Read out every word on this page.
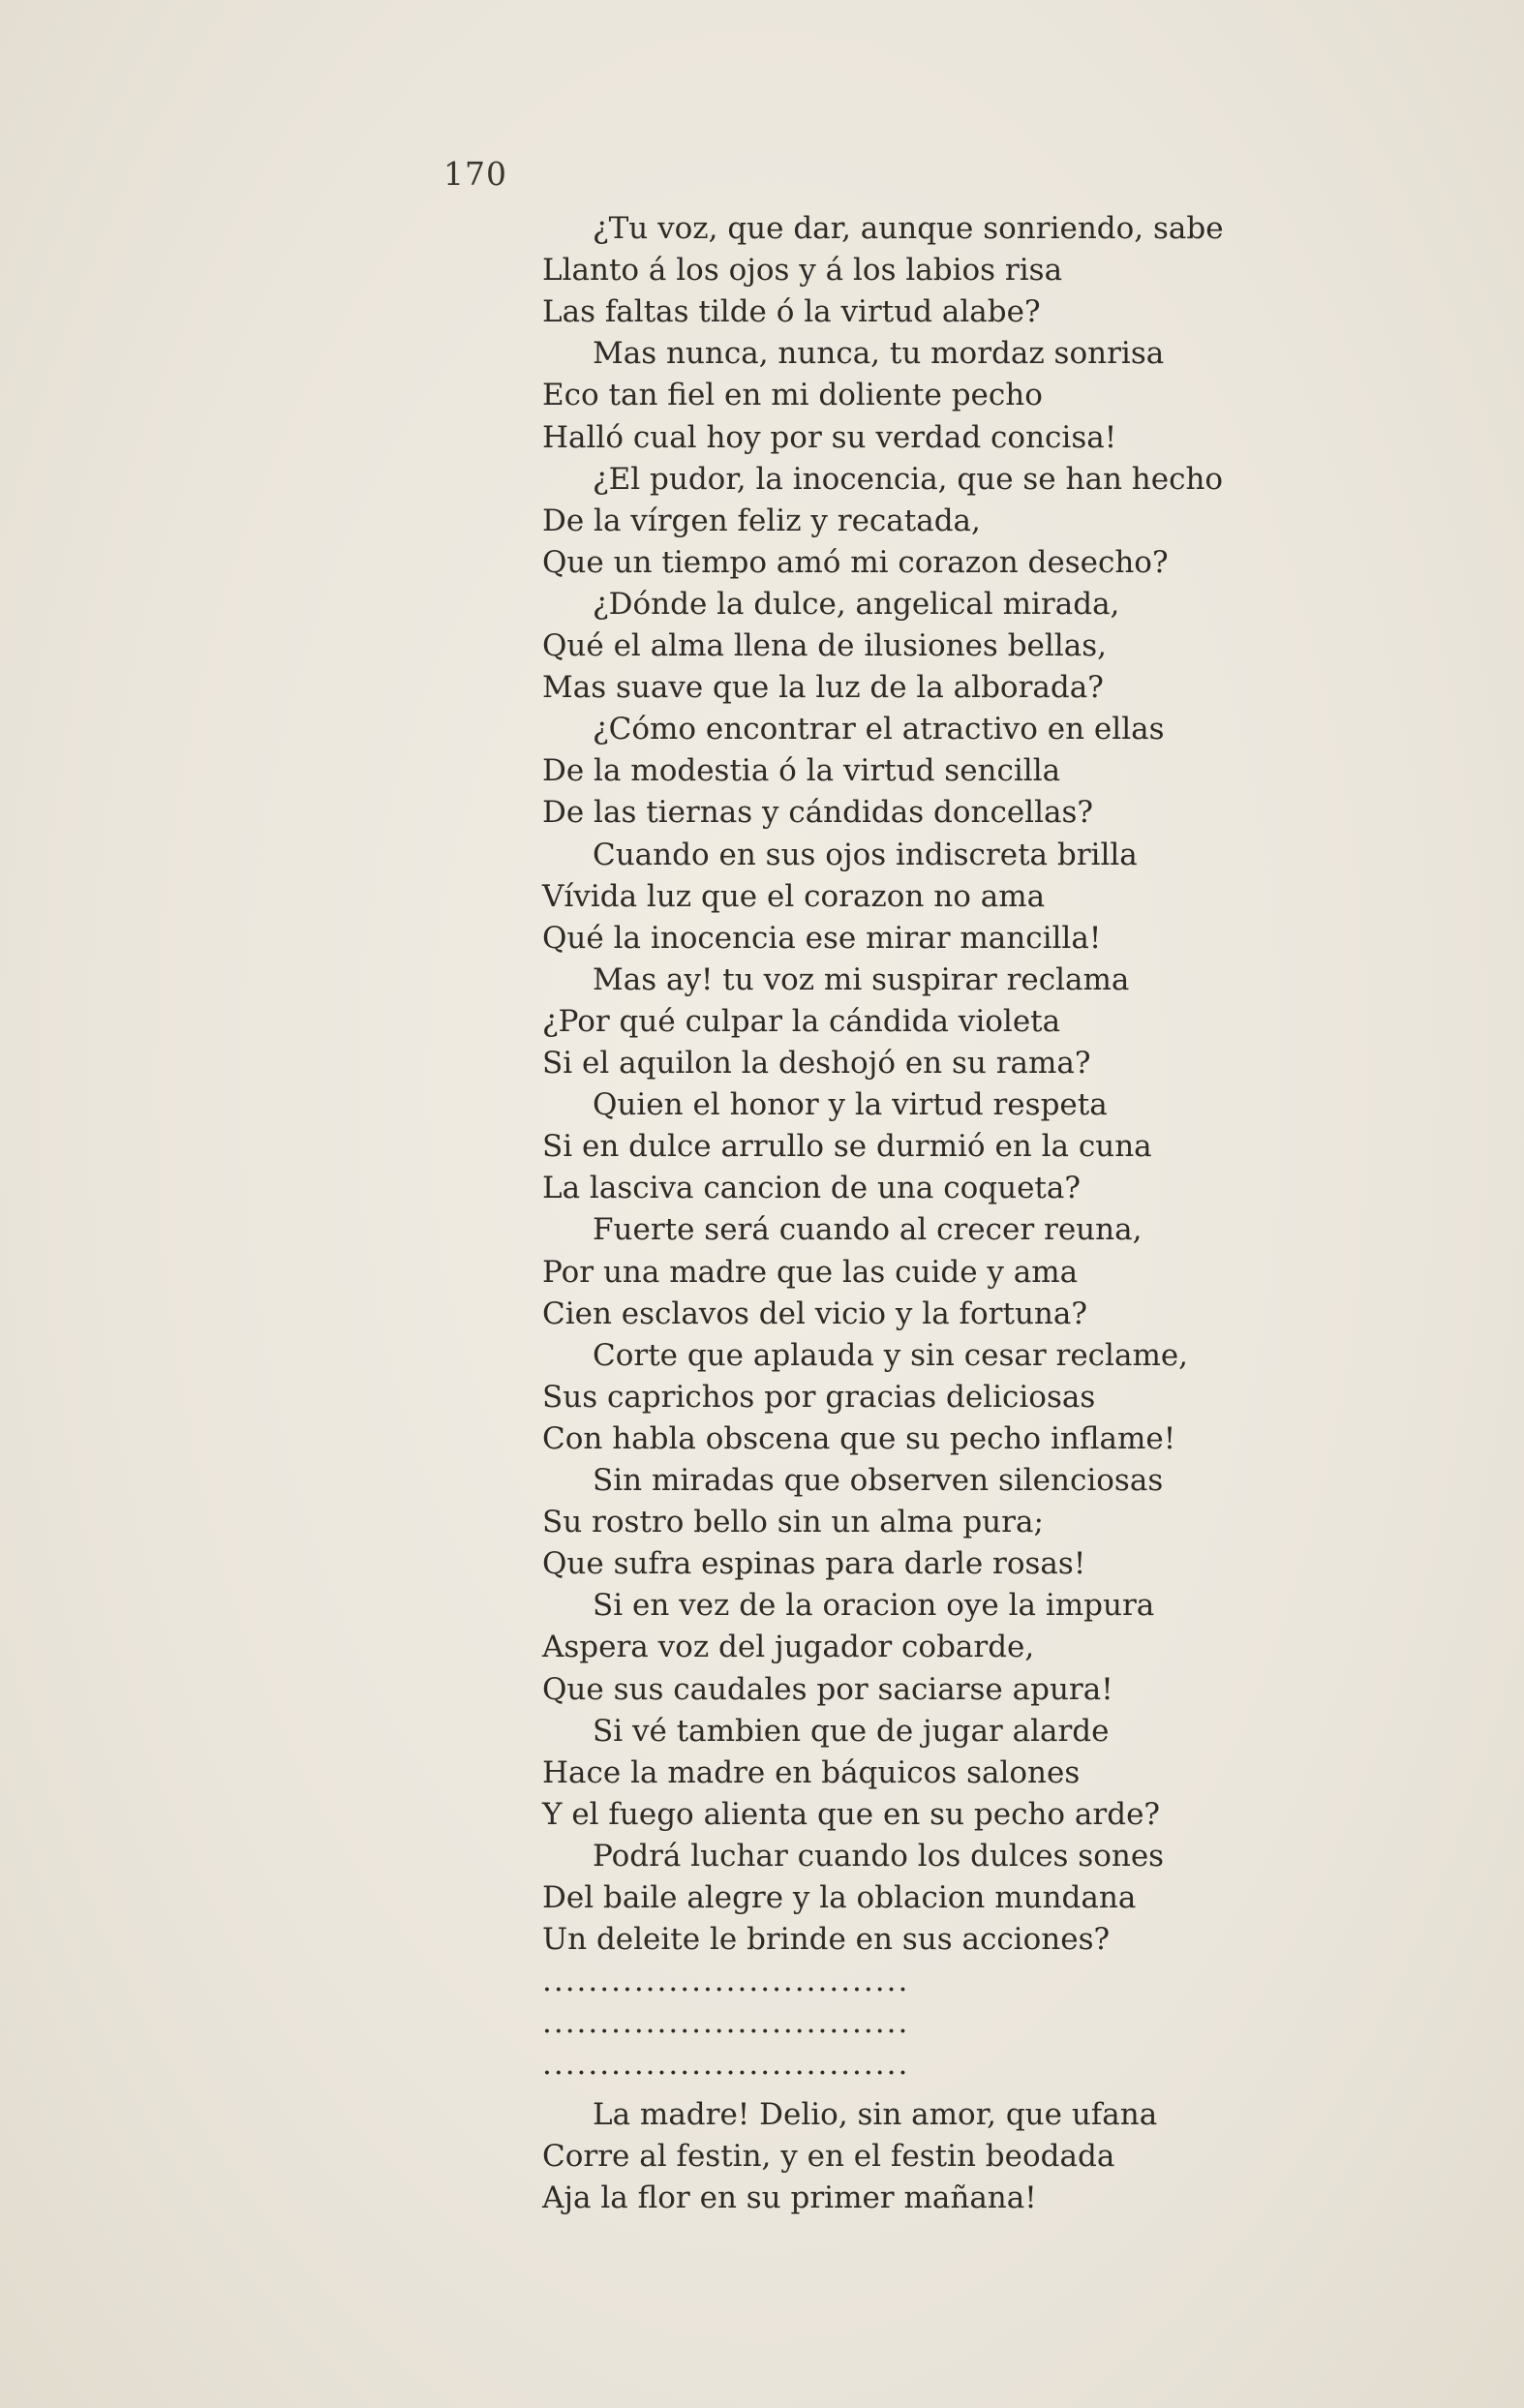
170
¿Tu voz, que dar, aunque sonriendo, sabe
Llanto á los ojos y á los labios risa
Las faltas tilde ó la virtud alabe?
Mas nunca, nunca, tu mordaz sonrisa
Eco tan fiel en mi doliente pecho
Halló cual hoy por su verdad concisa!
¿El pudor, la inocencia, que se han hecho
De la vírgen feliz y recatada,
Que un tiempo amó mi corazon desecho?
¿Dónde la dulce, angelical mirada,
Qué el alma llena de ilusiones bellas,
Mas suave que la luz de la alborada?
¿Cómo encontrar el atractivo en ellas
De la modestia ó la virtud sencilla
De las tiernas y cándidas doncellas?
Cuando en sus ojos indiscreta brilla
Vívida luz que el corazon no ama
Qué la inocencia ese mirar mancilla!
Mas ay! tu voz mi suspirar reclama
¿Por qué culpar la cándida violeta
Si el aquilon la deshojó en su rama?
Quien el honor y la virtud respeta
Si en dulce arrullo se durmió en la cuna
La lasciva cancion de una coqueta?
Fuerte será cuando al crecer reuna,
Por una madre que las cuide y ama
Cien esclavos del vicio y la fortuna?
Corte que aplauda y sin cesar reclame,
Sus caprichos por gracias deliciosas
Con habla obscena que su pecho inflame!
Sin miradas que observen silenciosas
Su rostro bello sin un alma pura;
Que sufra espinas para darle rosas!
Si en vez de la oracion oye la impura
Aspera voz del jugador cobarde,
Que sus caudales por saciarse apura!
Si vé tambien que de jugar alarde
Hace la madre en báquicos salones
Y el fuego alienta que en su pecho arde?
Podrá luchar cuando los dulces sones
Del baile alegre y la oblacion mundana
Un deleite le brinde en sus acciones?
................................
................................
................................
La madre! Delio, sin amor, que ufana
Corre al festin, y en el festin beodada
Aja la flor en su primer mañana!
